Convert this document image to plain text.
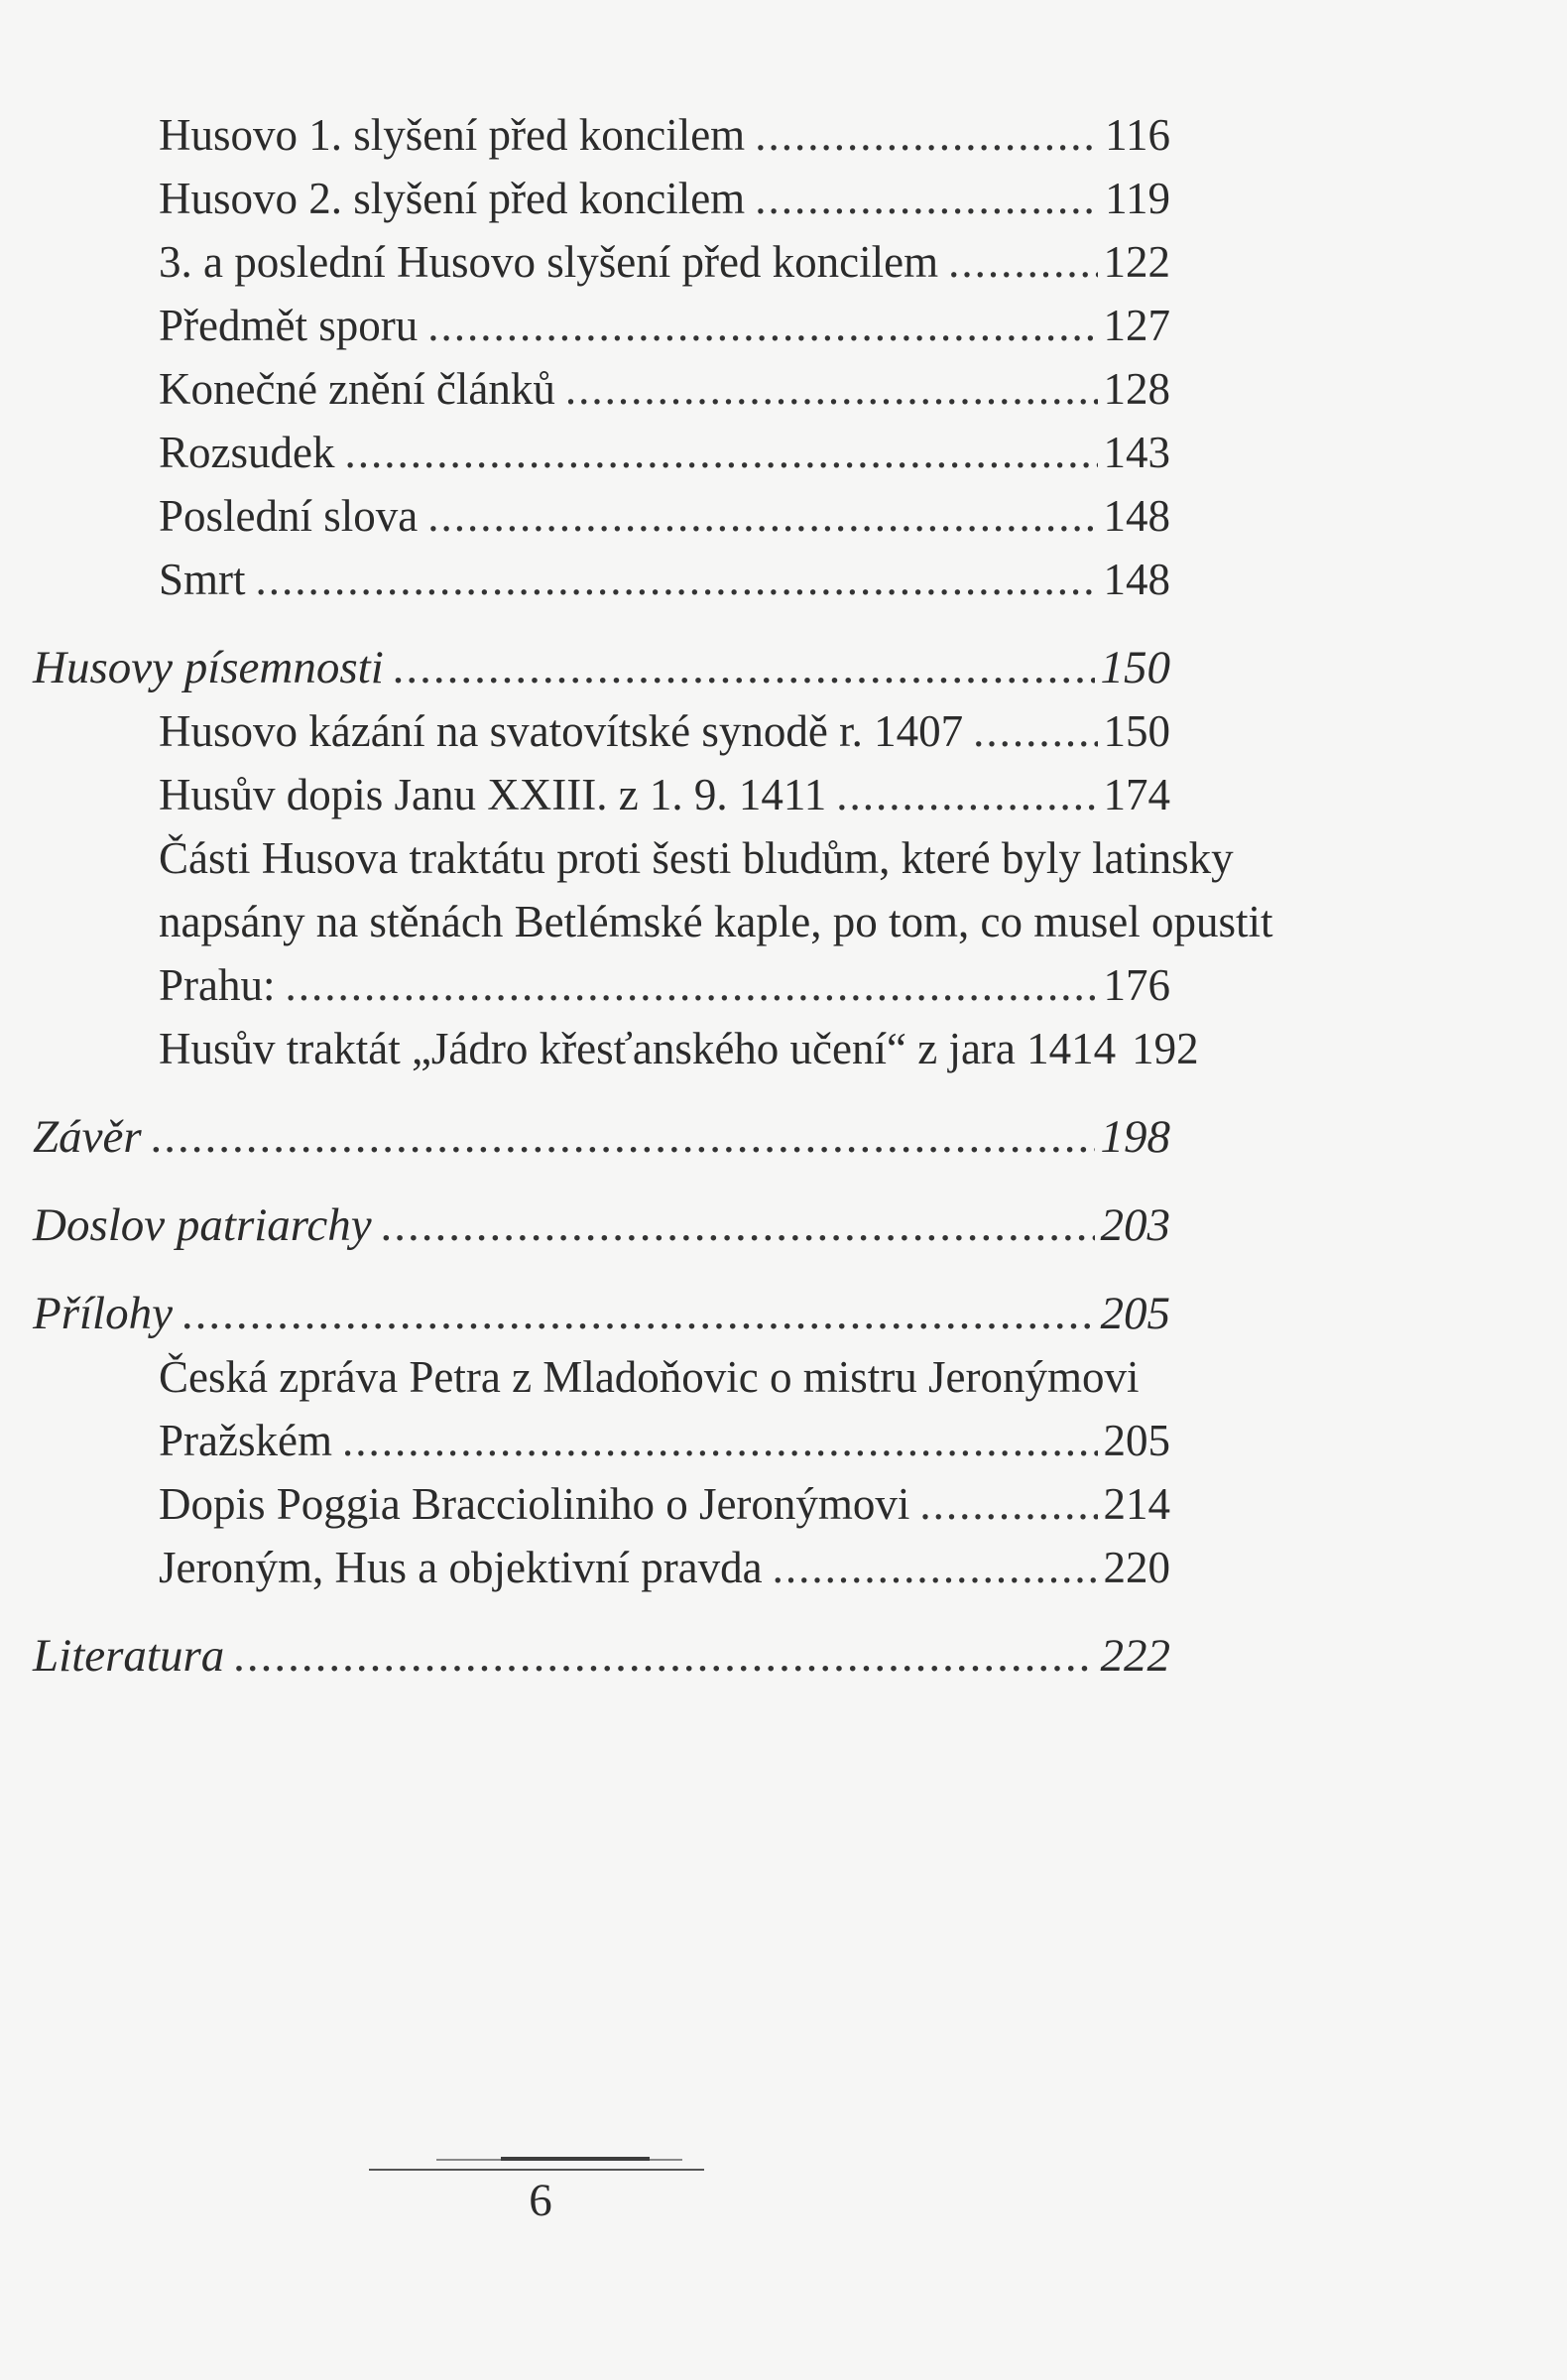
Husovo 1. slyšení před koncilem .....	116
Husovo 2. slyšení před koncilem .....	119
3. a poslední Husovo slyšení před koncilem .....	122
Předmět sporu .....	127
Konečné znění článků .....	128
Rozsudek .....	143
Poslední slova .....	148
Smrt .....	148
Husovy písemnosti .....	150
Husovo kázání na svatovítské synodě r. 1407 .....	150
Husův dopis Janu XXIII. z 1. 9. 1411 .....	174
Části Husova traktátu proti šesti bludům, které byly latinsky
napsány na stěnách Betlémské kaple, po tom, co musel opustit
Prahu: .....	176
Husův traktát „Jádro křesťanského učení“ z jara 1414 192
Závěr .....	198
Doslov patriarchy .....	203
Přílohy .....	205
Česká zpráva Petra z Mladoňovic o mistru Jeronýmovi
Pražském .....	205
Dopis Poggia Braccioliniho o Jeronýmovi .....	214
Jeroným, Hus a objektivní pravda .....	220
Literatura .....	222
6
